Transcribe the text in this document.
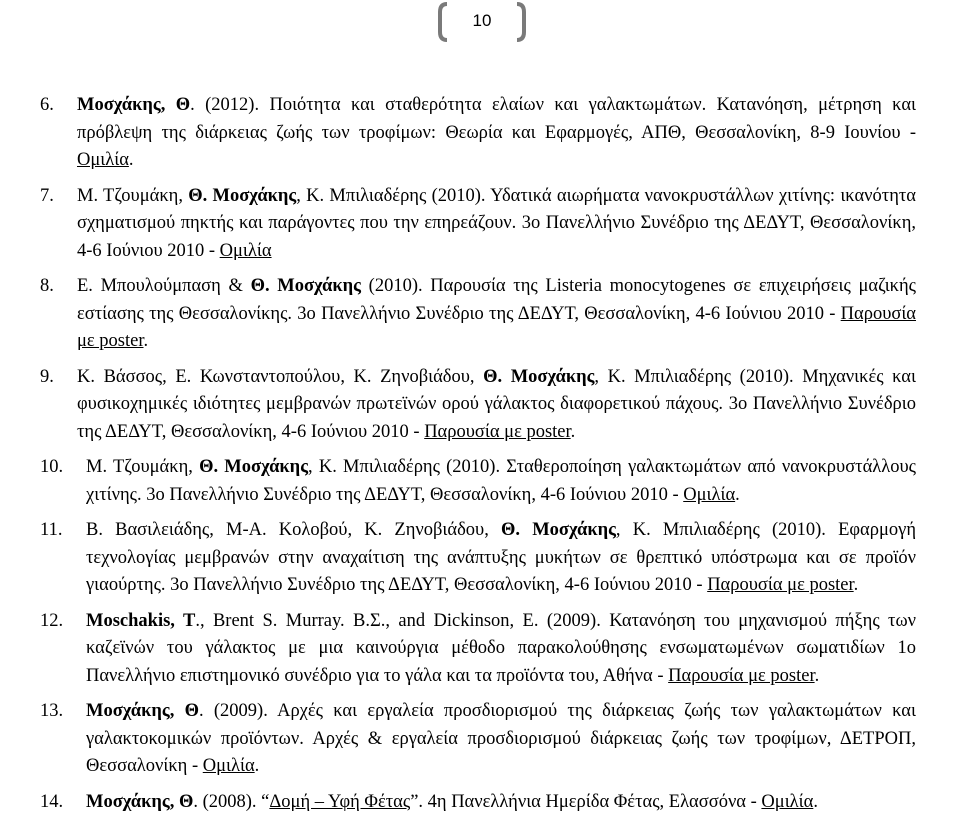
10
6.	Μοσχάκης, Θ. (2012). Ποιότητα και σταθερότητα ελαίων και γαλακτωμάτων. Κατανόηση, μέτρηση και πρόβλεψη της διάρκειας ζωής των τροφίμων: Θεωρία και Εφαρμογές, ΑΠΘ, Θεσσαλονίκη, 8-9 Ιουνίου - Ομιλία.
7.	Μ. Τζουμάκη, Θ. Μοσχάκης, Κ. Μπιλιαδέρης (2010). Υδατικά αιωρήματα νανοκρυστάλλων χιτίνης: ικανότητα σχηματισμού πηκτής και παράγοντες που την επηρεάζουν. 3ο Πανελλήνιο Συνέδριο της ΔΕΔΥΤ, Θεσσαλονίκη, 4-6 Ιούνιου 2010 - Ομιλία
8.	Ε. Μπουλούμπαση & Θ. Μοσχάκης (2010). Παρουσία της Listeria monocytogenes σε επιχειρήσεις μαζικής εστίασης της Θεσσαλονίκης. 3ο Πανελλήνιο Συνέδριο της ΔΕΔΥΤ, Θεσσαλονίκη, 4-6 Ιούνιου 2010 - Παρουσία με poster.
9.	Κ. Βάσσος, Ε. Κωνσταντοπούλου, Κ. Ζηνοβιάδου, Θ. Μοσχάκης, Κ. Μπιλιαδέρης (2010). Μηχανικές και φυσικοχημικές ιδιότητες μεμβρανών πρωτεϊνών ορού γάλακτος διαφορετικού πάχους. 3ο Πανελλήνιο Συνέδριο της ΔΕΔΥΤ, Θεσσαλονίκη, 4-6 Ιούνιου 2010 - Παρουσία με poster.
10.	Μ. Τζουμάκη, Θ. Μοσχάκης, Κ. Μπιλιαδέρης (2010). Σταθεροποίηση γαλακτωμάτων από νανοκρυστάλλους χιτίνης. 3ο Πανελλήνιο Συνέδριο της ΔΕΔΥΤ, Θεσσαλονίκη, 4-6 Ιούνιου 2010 - Ομιλία.
11.	Β. Βασιλειάδης, Μ-Α. Κολοβού, Κ. Ζηνοβιάδου, Θ. Μοσχάκης, Κ. Μπιλιαδέρης (2010). Εφαρμογή τεχνολογίας μεμβρανών στην αναχαίτιση της ανάπτυξης μυκήτων σε θρεπτικό υπόστρωμα και σε προϊόν γιαούρτης. 3ο Πανελλήνιο Συνέδριο της ΔΕΔΥΤ, Θεσσαλονίκη, 4-6 Ιούνιου 2010 - Παρουσία με poster.
12.	Moschakis, T., Brent S. Murray. Β.Σ., and Dickinson, E. (2009). Κατανόηση του μηχανισμού πήξης των καζεϊνών του γάλακτος με μια καινούργια μέθοδο παρακολούθησης ενσωματωμένων σωματιδίων 1ο Πανελλήνιο επιστημονικό συνέδριο για το γάλα και τα προϊόντα του, Αθήνα - Παρουσία με poster.
13.	Μοσχάκης, Θ. (2009). Αρχές και εργαλεία προσδιορισμού της διάρκειας ζωής των γαλακτωμάτων και γαλακτοκομικών προϊόντων. Αρχές & εργαλεία προσδιορισμού διάρκειας ζωής των τροφίμων, ΔΕΤΡΟΠ, Θεσσαλονίκη - Ομιλία.
14.	Μοσχάκης, Θ. (2008). “Δομή – Υφή Φέτας”. 4η Πανελλήνια Ημερίδα Φέτας, Ελασσόνα - Ομιλία.
